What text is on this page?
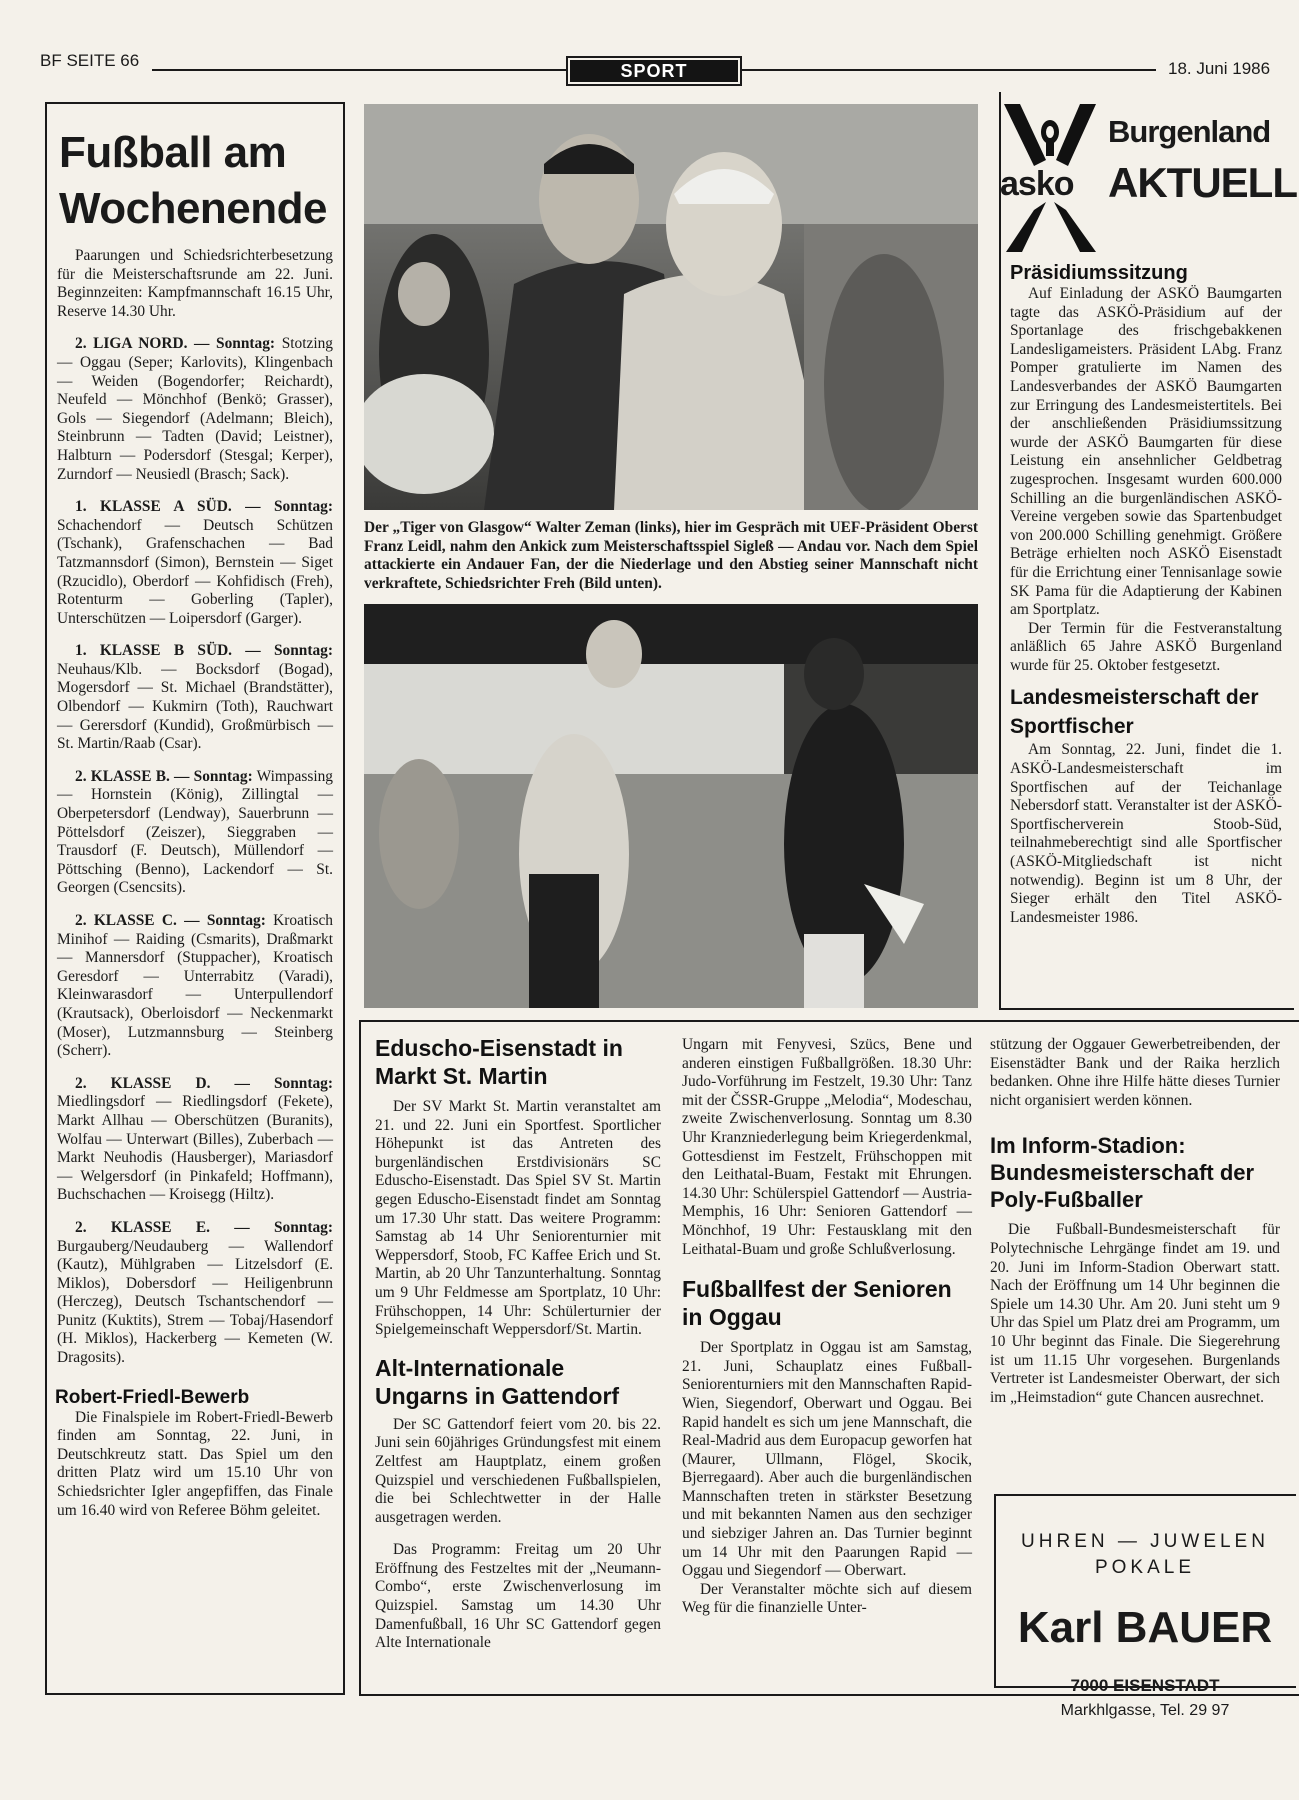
BF SEITE 66
SPORT	18. Juni 1986
Fußball am Wochenende

Paarungen und Schiedsrichterbesetzung für die Meisterschaftsrunde am 22. Juni. Beginnzeiten: Kampfmannschaft 16.15 Uhr, Reserve 14.30 Uhr.

2. LIGA NORD. — Sonntag: Stotzing — Oggau (Seper; Karlovits), Klingenbach — Weiden (Bogendorfer; Reichardt), Neufeld — Mönchhof (Benkö; Grasser), Gols — Siegendorf (Adelmann; Bleich), Steinbrunn — Tadten (David; Leistner), Halbturn — Podersdorf (Stesgal; Kerper), Zurndorf — Neusiedl (Brasch; Sack).

1. KLASSE A SÜD. — Sonntag: Schachendorf — Deutsch Schützen (Tschank), Grafenschachen — Bad Tatzmannsdorf (Simon), Bernstein — Siget (Rzucidlo), Oberdorf — Kohfidisch (Freh), Rotenturm — Goberling (Tapler), Unterschützen — Loipersdorf (Garger).

1. KLASSE B SÜD. — Sonntag: Neuhaus/Klb. — Bocksdorf (Bogad), Mogersdorf — St. Michael (Brandstätter), Olbendorf — Kukmirn (Toth), Rauchwart — Gerersdorf (Kundid), Großmürbisch — St. Martin/Raab (Csar).

2. KLASSE B. — Sonntag: Wimpassing — Hornstein (König), Zillingtal — Oberpetersdorf (Lendway), Sauerbrunn — Pöttelsdorf (Zeiszer), Sieggraben — Trausdorf (F. Deutsch), Müllendorf — Pöttsching (Benno), Lackendorf — St. Georgen (Csencsits).

2. KLASSE C. — Sonntag: Kroatisch Minihof — Raiding (Csmarits), Draßmarkt — Mannersdorf (Stuppacher), Kroatisch Geresdorf — Unterrabitz (Varadi), Kleinwarasdorf — Unterpullendorf (Krautsack), Oberloisdorf — Neckenmarkt (Moser), Lutzmannsburg — Steinberg (Scherr).

2. KLASSE D. — Sonntag: Miedlingsdorf — Riedlingsdorf (Fekete), Markt Allhau — Oberschützen (Buranits), Wolfau — Unterwart (Billes), Zuberbach — Markt Neuhodis (Hausberger), Mariasdorf — Welgersdorf (in Pinkafeld; Hoffmann), Buchschachen — Kroisegg (Hiltz).

2. KLASSE E. — Sonntag: Burgauberg/Neudauberg — Wallendorf (Kautz), Mühlgraben — Litzelsdorf (E. Miklos), Dobersdorf — Heiligenbrunn (Herczeg), Deutsch Tschantschendorf — Punitz (Kuktits), Strem — Tobaj/Hasendorf (H. Miklos), Hackerberg — Kemeten (W. Dragosits).

Robert-Friedl-Bewerb

Die Finalspiele im Robert-Friedl-Bewerb finden am Sonntag, 22. Juni, in Deutschkreutz statt. Das Spiel um den dritten Platz wird um 15.10 Uhr von Schiedsrichter Igler angepfiffen, das Finale um 16.40 wird von Referee Böhm geleitet.

Der „Tiger von Glasgow“ Walter Zeman (links), hier im Gespräch mit UEF-Präsident Oberst Franz Leidl, nahm den Ankick zum Meisterschaftsspiel Sigleß — Andau vor. Nach dem Spiel attackierte ein Andauer Fan, der die Niederlage und den Abstieg seiner Mannschaft nicht verkraftete, Schiedsrichter Freh (Bild unten).
asko
Burgenland
AKTUELL
Präsidiumssitzung

Auf Einladung der ASKÖ Baumgarten tagte das ASKÖ-Präsidium auf der Sportanlage des frischgebakkenen Landesligameisters. Präsident LAbg. Franz Pomper gratulierte im Namen des Landesverbandes der ASKÖ Baumgarten zur Erringung des Landesmeistertitels. Bei der anschließenden Präsidiumssitzung wurde der ASKÖ Baumgarten für diese Leistung ein ansehnlicher Geldbetrag zugesprochen. Insgesamt wurden 600.000 Schilling an die burgenländischen ASKÖ-Vereine vergeben sowie das Spartenbudget von 200.000 Schilling genehmigt. Größere Beträge erhielten noch ASKÖ Eisenstadt für die Errichtung einer Tennisanlage sowie SK Pama für die Adaptierung der Kabinen am Sportplatz.

Der Termin für die Festveranstaltung anläßlich 65 Jahre ASKÖ Burgenland wurde für 25. Oktober festgesetzt.

Landesmeisterschaft der Sportfischer

Am Sonntag, 22. Juni, findet die 1. ASKÖ-Landesmeisterschaft im Sportfischen auf der Teichanlage Nebersdorf statt. Veranstalter ist der ASKÖ-Sportfischerverein Stoob-Süd, teilnahmeberechtigt sind alle Sportfischer (ASKÖ-Mitgliedschaft ist nicht notwendig). Beginn ist um 8 Uhr, der Sieger erhält den Titel ASKÖ-Landesmeister 1986.

Eduscho-Eisenstadt in Markt St. Martin

Der SV Markt St. Martin veranstaltet am 21. und 22. Juni ein Sportfest. Sportlicher Höhepunkt ist das Antreten des burgenländischen Erstdivisionärs SC Eduscho-Eisenstadt. Das Spiel SV St. Martin gegen Eduscho-Eisenstadt findet am Sonntag um 17.30 Uhr statt. Das weitere Programm: Samstag ab 14 Uhr Seniorenturnier mit Weppersdorf, Stoob, FC Kaffee Erich und St. Martin, ab 20 Uhr Tanzunterhaltung. Sonntag um 9 Uhr Feldmesse am Sportplatz, 10 Uhr: Frühschoppen, 14 Uhr: Schülerturnier der Spielgemeinschaft Weppersdorf/St. Martin.

Alt-Internationale Ungarns in Gattendorf

Der SC Gattendorf feiert vom 20. bis 22. Juni sein 60jähriges Gründungsfest mit einem Zeltfest am Hauptplatz, einem großen Quizspiel und verschiedenen Fußballspielen, die bei Schlechtwetter in der Halle ausgetragen werden.

Das Programm: Freitag um 20 Uhr Eröffnung des Festzeltes mit der „Neumann-Combo“, erste Zwischenverlosung im Quizspiel. Samstag um 14.30 Uhr Damenfußball, 16 Uhr SC Gattendorf gegen Alte Internationale

Ungarn mit Fenyvesi, Szücs, Bene und anderen einstigen Fußballgrößen. 18.30 Uhr: Judo-Vorführung im Festzelt, 19.30 Uhr: Tanz mit der ČSSR-Gruppe „Melodia“, Modeschau, zweite Zwischenverlosung. Sonntag um 8.30 Uhr Kranzniederlegung beim Kriegerdenkmal, Gottesdienst im Festzelt, Frühschoppen mit den Leithatal-Buam, Festakt mit Ehrungen. 14.30 Uhr: Schülerspiel Gattendorf — Austria-Memphis, 16 Uhr: Senioren Gattendorf — Mönchhof, 19 Uhr: Festausklang mit den Leithatal-Buam und große Schlußverlosung.

Fußballfest der Senioren in Oggau

Der Sportplatz in Oggau ist am Samstag, 21. Juni, Schauplatz eines Fußball-Seniorenturniers mit den Mannschaften Rapid-Wien, Siegendorf, Oberwart und Oggau. Bei Rapid handelt es sich um jene Mannschaft, die Real-Madrid aus dem Europacup geworfen hat (Maurer, Ullmann, Flögel, Skocik, Bjerregaard). Aber auch die burgenländischen Mannschaften treten in stärkster Besetzung und mit bekannten Namen aus den sechziger und siebziger Jahren an. Das Turnier beginnt um 14 Uhr mit den Paarungen Rapid — Oggau und Siegendorf — Oberwart.

Der Veranstalter möchte sich auf diesem Weg für die finanzielle Unter-

stützung der Oggauer Gewerbetreibenden, der Eisenstädter Bank und der Raika herzlich bedanken. Ohne ihre Hilfe hätte dieses Turnier nicht organisiert werden können.

Im Inform-Stadion: Bundesmeisterschaft der Poly-Fußballer

Die Fußball-Bundesmeisterschaft für Polytechnische Lehrgänge findet am 19. und 20. Juni im Inform-Stadion Oberwart statt. Nach der Eröffnung um 14 Uhr beginnen die Spiele um 14.30 Uhr. Am 20. Juni steht um 9 Uhr das Spiel um Platz drei am Programm, um 10 Uhr beginnt das Finale. Die Siegerehrung ist um 11.15 Uhr vorgesehen. Burgenlands Vertreter ist Landesmeister Oberwart, der sich im „Heimstadion“ gute Chancen ausrechnet.

UHREN — JUWELEN
POKALE
Karl BAUER
7000 EISENSTADT
Markhlgasse, Tel. 29 97
